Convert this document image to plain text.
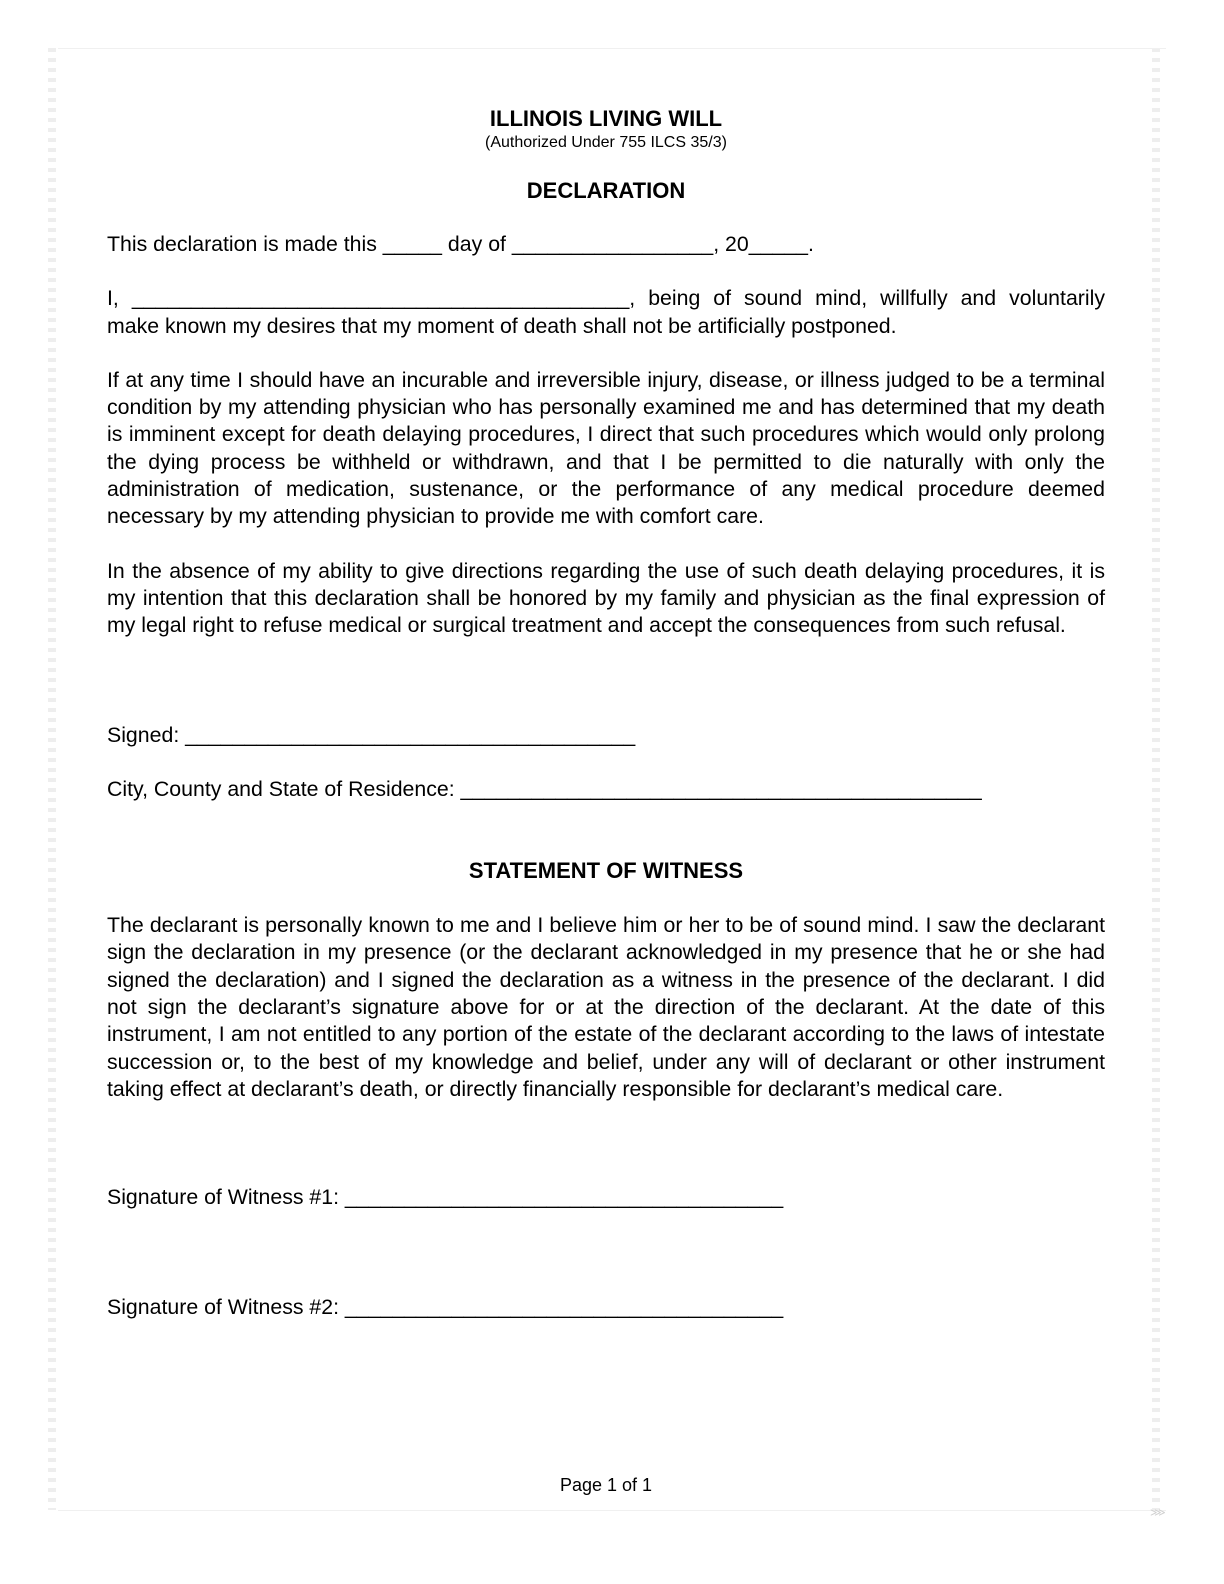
ILLINOIS LIVING WILL
(Authorized Under 755 ILCS 35/3)
DECLARATION

This declaration is made this _____ day of _________________, 20_____.

I, __________________________________________, being of sound mind, willfully and voluntarily make known my desires that my moment of death shall not be artificially postponed.

If at any time I should have an incurable and irreversible injury, disease, or illness judged to be a terminal condition by my attending physician who has personally examined me and has determined that my death is imminent except for death delaying procedures, I direct that such procedures which would only prolong the dying process be withheld or withdrawn, and that I be permitted to die naturally with only the administration of medication, sustenance, or the performance of any medical procedure deemed necessary by my attending physician to provide me with comfort care.

In the absence of my ability to give directions regarding the use of such death delaying procedures, it is my intention that this declaration shall be honored by my family and physician as the final expression of my legal right to refuse medical or surgical treatment and accept the consequences from such refusal.

Signed: ______________________________________

City, County and State of Residence: ____________________________________________

STATEMENT OF WITNESS

The declarant is personally known to me and I believe him or her to be of sound mind. I saw the declarant sign the declaration in my presence (or the declarant acknowledged in my presence that he or she had signed the declaration) and I signed the declaration as a witness in the presence of the declarant. I did not sign the declarant’s signature above for or at the direction of the declarant. At the date of this instrument, I am not entitled to any portion of the estate of the declarant according to the laws of intestate succession or, to the best of my knowledge and belief, under any will of declarant or other instrument taking effect at declarant’s death, or directly financially responsible for declarant’s medical care.

Signature of Witness #1: _____________________________________

Signature of Witness #2: _____________________________________

Page 1 of 1
⋙
